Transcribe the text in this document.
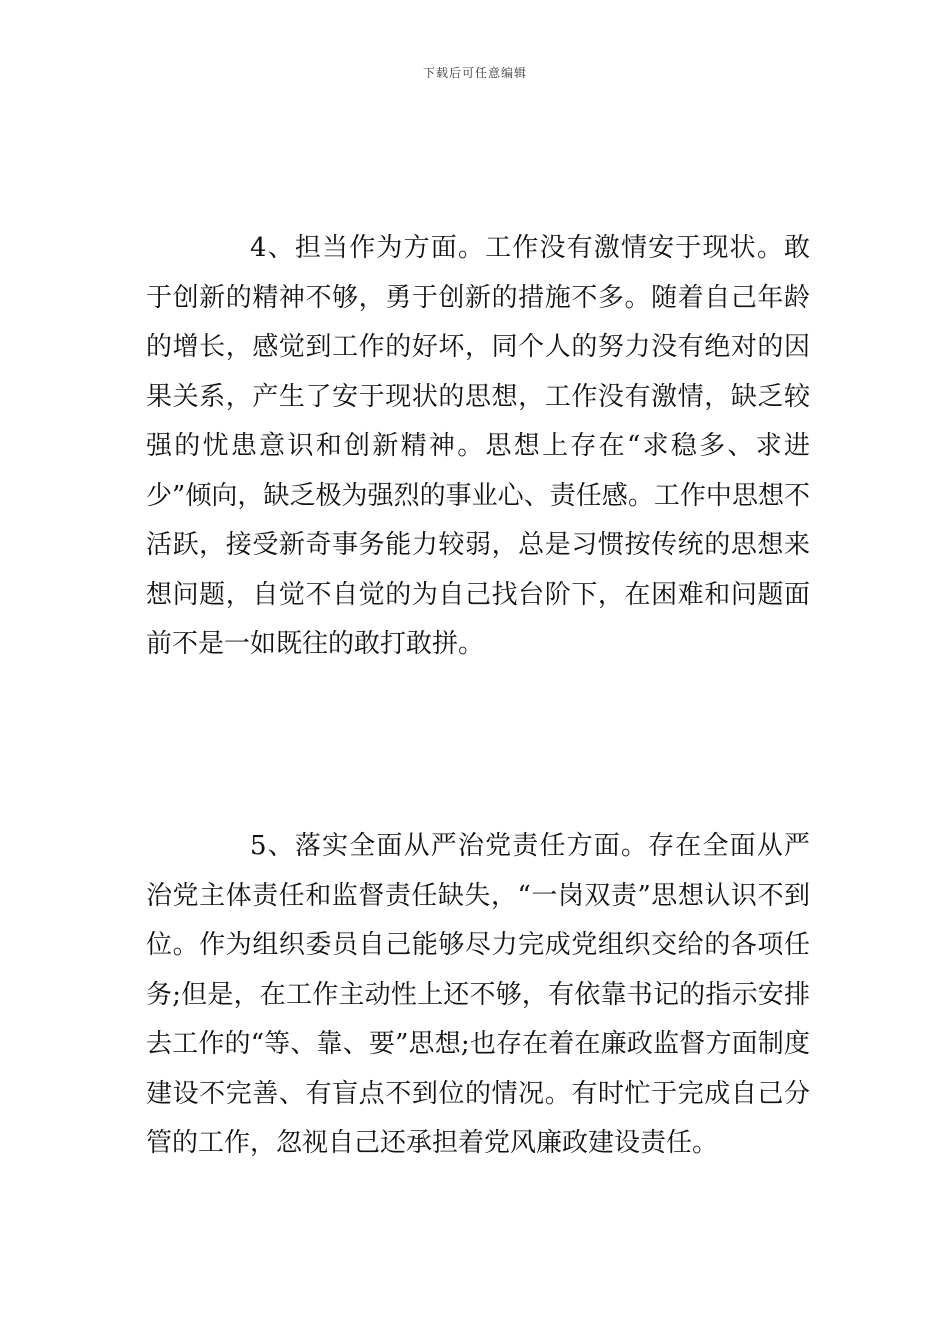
下载后可任意编辑

4、担当作为方面。工作没有激情安于现状。敢于创新的精神不够，勇于创新的措施不多。随着自己年龄的增长，感觉到工作的好坏，同个人的努力没有绝对的因果关系，产生了安于现状的思想，工作没有激情，缺乏较强的忧患意识和创新精神。思想上存在“求稳多、求进少”倾向，缺乏极为强烈的事业心、责任感。工作中思想不活跃，接受新奇事务能力较弱，总是习惯按传统的思想来想问题，自觉不自觉的为自己找台阶下，在困难和问题面前不是一如既往的敢打敢拼。

5、落实全面从严治党责任方面。存在全面从严治党主体责任和监督责任缺失，“一岗双责”思想认识不到位。作为组织委员自己能够尽力完成党组织交给的各项任务;但是，在工作主动性上还不够，有依靠书记的指示安排去工作的“等、靠、要”思想;也存在着在廉政监督方面制度建设不完善、有盲点不到位的情况。有时忙于完成自己分管的工作，忽视自己还承担着党风廉政建设责任。
